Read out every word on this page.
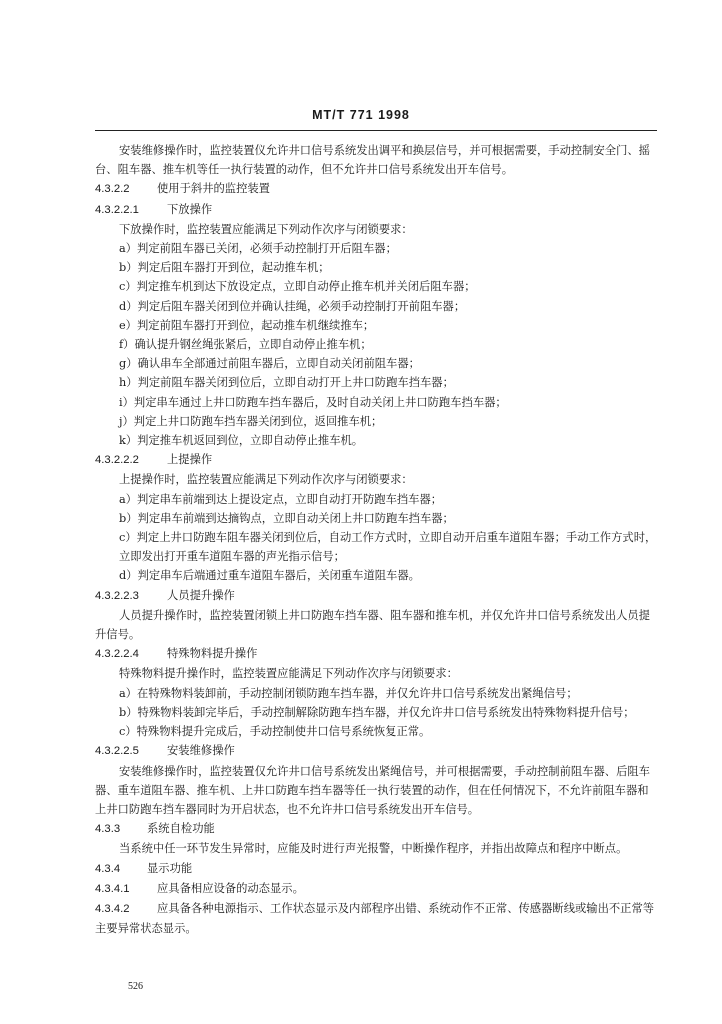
MT/T 771 1998

安装维修操作时，监控装置仪允许井口信号系统发出调平和换层信号，并可根据需要，手动控制安全门、摇台、阻车器、推车机等任一执行装置的动作，但不允许井口信号系统发出开车信号。

4.3.2.2 使用于斜井的监控装置

4.3.2.2.1 下放操作

下放操作时，监控装置应能满足下列动作次序与闭锁要求：

a）判定前阻车器已关闭，必须手动控制打开后阻车器；

b）判定后阻车器打开到位，起动推车机；

c）判定推车机到达下放设定点，立即自动停止推车机并关闭后阻车器；

d）判定后阻车器关闭到位并确认挂绳，必须手动控制打开前阻车器；

e）判定前阻车器打开到位，起动推车机继续推车；

f）确认提升钢丝绳张紧后，立即自动停止推车机；

g）确认串车全部通过前阻车器后，立即自动关闭前阻车器；

h）判定前阻车器关闭到位后，立即自动打开上井口防跑车挡车器；

i）判定串车通过上井口防跑车挡车器后，及时自动关闭上井口防跑车挡车器；

j）判定上井口防跑车挡车器关闭到位，返回推车机；

k）判定推车机返回到位，立即自动停止推车机。

4.3.2.2.2 上提操作

上提操作时，监控装置应能满足下列动作次序与闭锁要求：

a）判定串车前端到达上提设定点，立即自动打开防跑车挡车器；

b）判定串车前端到达摘钩点，立即自动关闭上井口防跑车挡车器；

c）判定上井口防跑车阻车器关闭到位后，自动工作方式时，立即自动开启重车道阻车器；手动工作方式时，立即发出打开重车道阻车器的声光指示信号；

d）判定串车后端通过重车道阻车器后，关闭重车道阻车器。

4.3.2.2.3 人员提升操作

人员提升操作时，监控装置闭锁上井口防跑车挡车器、阻车器和推车机，并仅允许井口信号系统发出人员提升信号。

4.3.2.2.4 特殊物料提升操作

特殊物料提升操作时，监控装置应能满足下列动作次序与闭锁要求：

a）在特殊物料装卸前，手动控制闭锁防跑车挡车器，并仅允许井口信号系统发出紧绳信号；

b）特殊物料装卸完毕后，手动控制解除防跑车挡车器，并仅允许井口信号系统发出特殊物料提升信号；

c）特殊物料提升完成后，手动控制使井口信号系统恢复正常。

4.3.2.2.5 安装维修操作

安装维修操作时，监控装置仅允许井口信号系统发出紧绳信号，并可根据需要，手动控制前阻车器、后阻车器、重车道阻车器、推车机、上井口防跑车挡车器等任一执行装置的动作，但在任何情况下，不允许前阻车器和上井口防跑车挡车器同时为开启状态，也不允许井口信号系统发出开车信号。

4.3.3 系统自检功能

当系统中任一环节发生异常时，应能及时进行声光报警，中断操作程序，并指出故障点和程序中断点。

4.3.4 显示功能

4.3.4.1 应具备相应设备的动态显示。

4.3.4.2 应具备各种电源指示、工作状态显示及内部程序出错、系统动作不正常、传感器断线或输出不正常等主要异常状态显示。

526
